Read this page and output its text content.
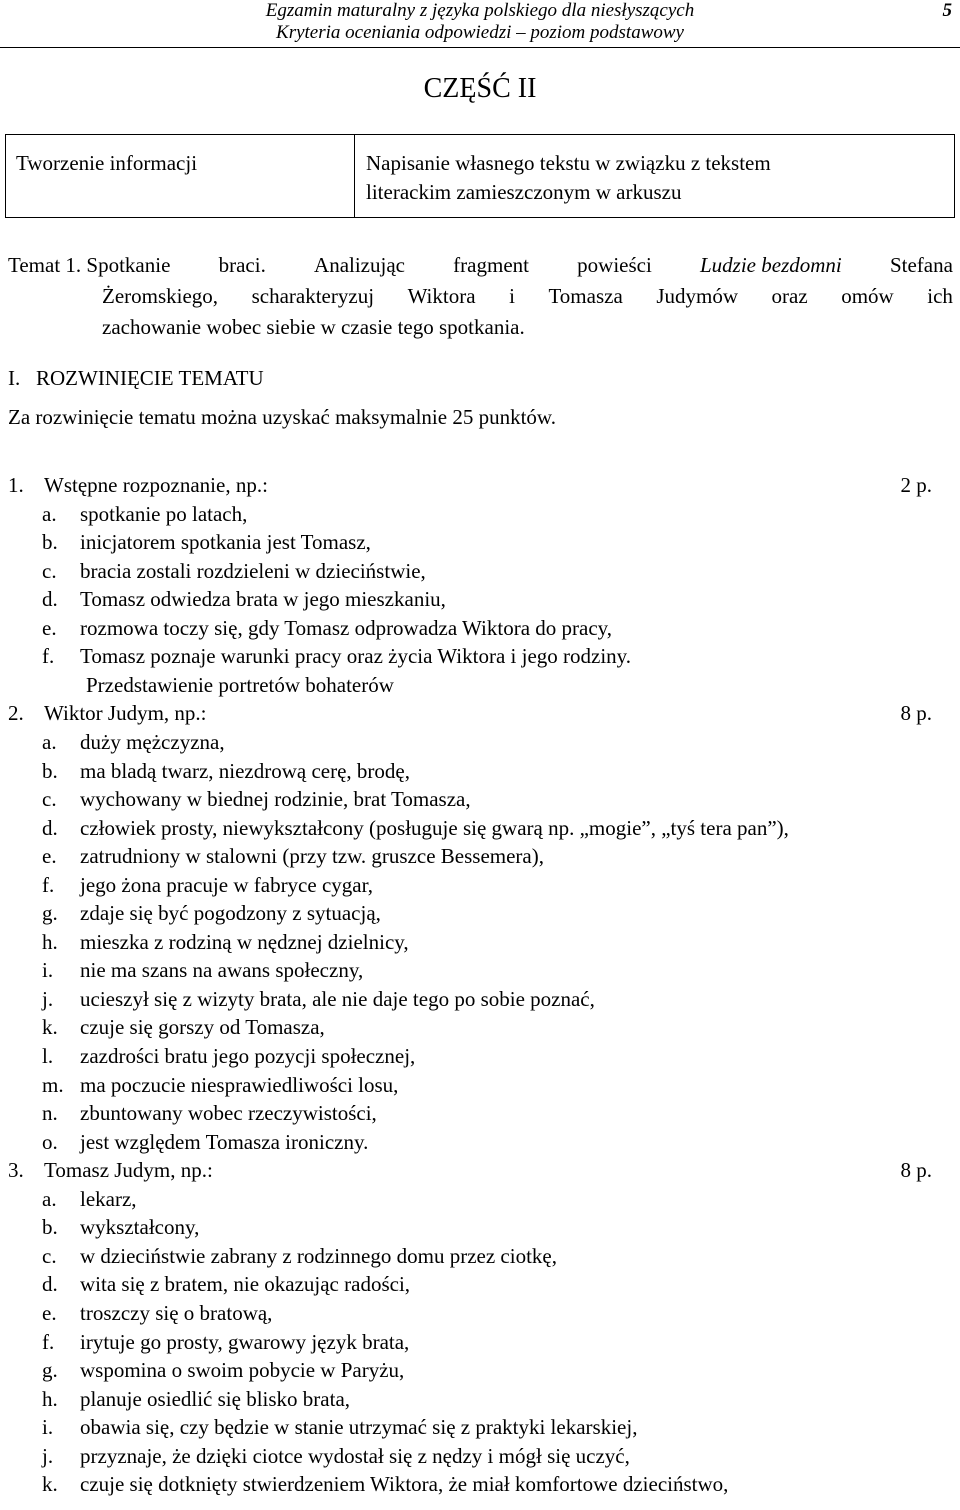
Egzamin maturalny z języka polskiego dla niesłyszących
Kryteria oceniania odpowiedzi – poziom podstawowy
5
CZĘŚĆ II
Tworzenie informacji	Napisanie własnego tekstu w związku z tekstem
literackim zamieszczonym w arkuszu
Temat 1. Spotkanie braci. Analizując fragment powieści Ludzie bezdomni Stefana
Żeromskiego, scharakteryzuj Wiktora i Tomasza Judymów oraz omów ich
zachowanie wobec siebie w czasie tego spotkania.
I.   ROZWINIĘCIE TEMATU
Za rozwinięcie tematu można uzyskać maksymalnie 25 punktów.
1. Wstępne rozpoznanie, np.:	2 p.
a. spotkanie po latach,
b. inicjatorem spotkania jest Tomasz,
c. bracia zostali rozdzieleni w dzieciństwie,
d. Tomasz odwiedza brata w jego mieszkaniu,
e. rozmowa toczy się, gdy Tomasz odprowadza Wiktora do pracy,
f. Tomasz poznaje warunki pracy oraz życia Wiktora i jego rodziny.
Przedstawienie portretów bohaterów
2. Wiktor Judym, np.:	8 p.
a. duży mężczyzna,
b. ma bladą twarz, niezdrową cerę, brodę,
c. wychowany w biednej rodzinie, brat Tomasza,
d. człowiek prosty, niewykształcony (posługuje się gwarą np. „mogie”, „tyś tera pan”),
e. zatrudniony w stalowni (przy tzw. gruszce Bessemera),
f. jego żona pracuje w fabryce cygar,
g. zdaje się być pogodzony z sytuacją,
h. mieszka z rodziną w nędznej dzielnicy,
i. nie ma szans na awans społeczny,
j. ucieszył się z wizyty brata, ale nie daje tego po sobie poznać,
k. czuje się gorszy od Tomasza,
l. zazdrości bratu jego pozycji społecznej,
m. ma poczucie niesprawiedliwości losu,
n. zbuntowany wobec rzeczywistości,
o. jest względem Tomasza ironiczny.
3. Tomasz Judym, np.:	8 p.
a. lekarz,
b. wykształcony,
c. w dzieciństwie zabrany z rodzinnego domu przez ciotkę,
d. wita się z bratem, nie okazując radości,
e. troszczy się o bratową,
f. irytuje go prosty, gwarowy język brata,
g. wspomina o swoim pobycie w Paryżu,
h. planuje osiedlić się blisko brata,
i. obawia się, czy będzie w stanie utrzymać się z praktyki lekarskiej,
j. przyznaje, że dzięki ciotce wydostał się z nędzy i mógł się uczyć,
k. czuje się dotknięty stwierdzeniem Wiktora, że miał komfortowe dzieciństwo,
